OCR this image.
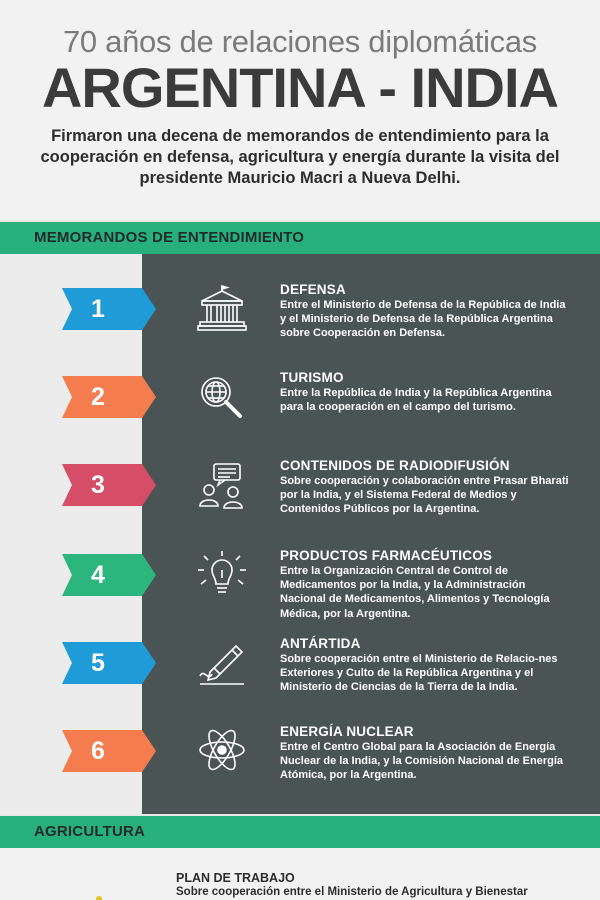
70 años de relaciones diplomáticas
ARGENTINA - INDIA
Firmaron una decena de memorandos de entendimiento para la cooperación en defensa, agricultura y energía durante la visita del presidente Mauricio Macri a Nueva Delhi.
MEMORANDOS DE ENTENDIMIENTO
1
DEFENSA
Entre el Ministerio de Defensa de la República de India y el Ministerio de Defensa de la República Argentina sobre Cooperación en Defensa.
2
TURISMO
Entre la República de India y la República Argentina para la cooperación en el campo del turismo.
3
CONTENIDOS DE RADIODIFUSIÓN
Sobre cooperación y colaboración entre Prasar Bharati por la India, y el Sistema Federal de Medios y Contenidos Públicos por la Argentina.
4
PRODUCTOS FARMACÉUTICOS
Entre la Organización Central de Control de Medicamentos por la India, y la Administración Nacional de Medicamentos, Alimentos y Tecnología Médica, por la Argentina.
5
ANTÁRTIDA
Sobre cooperación entre el Ministerio de Relacio-nes Exteriores y Culto de la República Argentina y el Ministerio de Ciencias de la Tierra de la India.
6
ENERGÍA NUCLEAR
Entre el Centro Global para la Asociación de Energía Nuclear de la India, y la Comisión Nacional de Energía Atómica, por la Argentina.
AGRICULTURA
PLAN DE TRABAJO
Sobre cooperación entre el Ministerio de Agricultura y Bienestar
